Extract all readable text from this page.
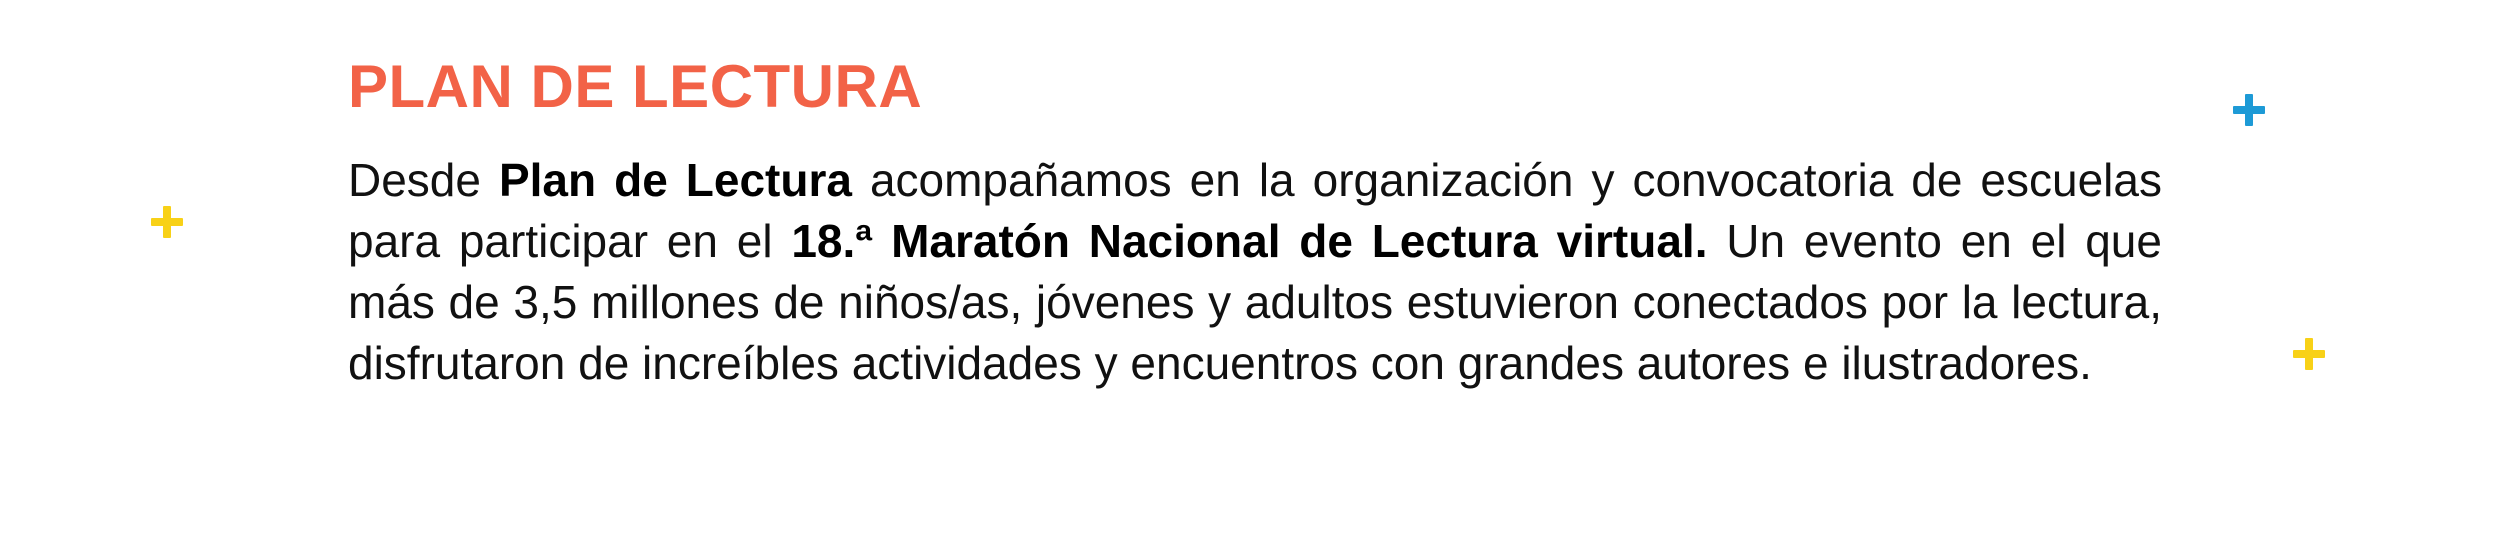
PLAN DE LECTURA

Desde Plan de Lectura acompañamos en la organización y convocatoria de escuelas para participar en el 18.ª Maratón Nacional de Lectura virtual. Un evento en el que más de 3,5 millones de niños/as, jóvenes y adultos estuvieron conectados por la lectura, disfrutaron de increíbles actividades y encuentros con grandes autores e ilustradores.
